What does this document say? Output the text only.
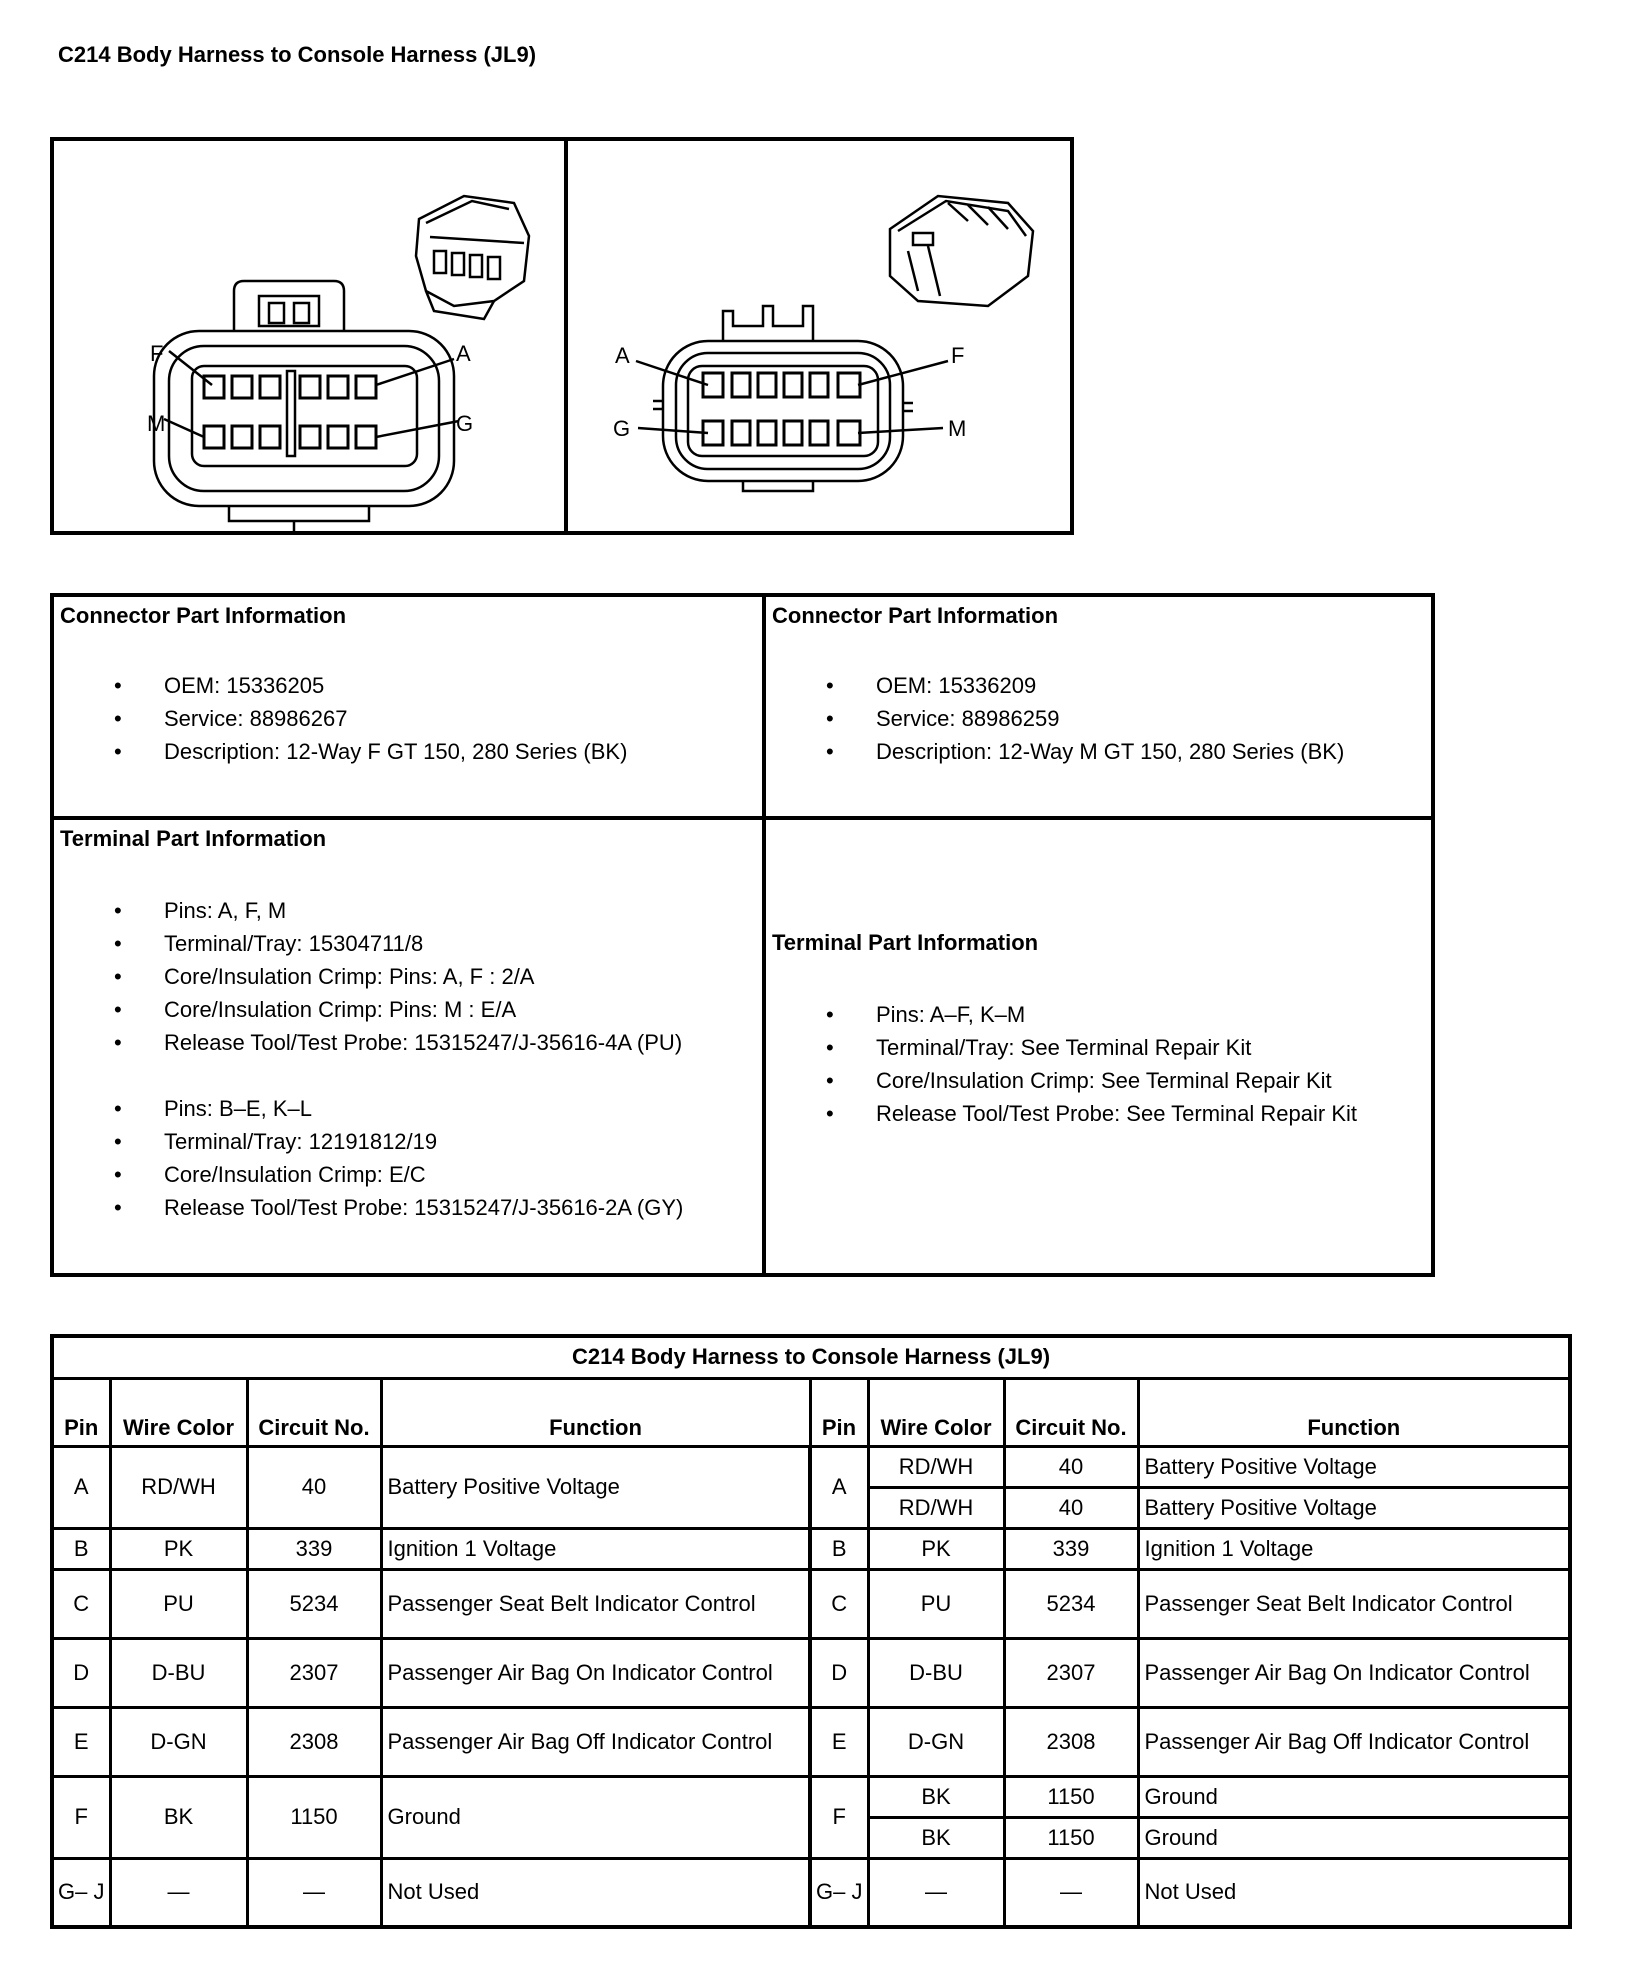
C214 Body Harness to Console Harness (JL9)
F
M
A
G
A
G
F
M
Connector Part Information
• OEM: 15336205
• Service: 88986267
• Description: 12-Way F GT 150, 280 Series (BK)
Connector Part Information
• OEM: 15336209
• Service: 88986259
• Description: 12-Way M GT 150, 280 Series (BK)
Terminal Part Information
• Pins: A, F, M
• Terminal/Tray: 15304711/8
• Core/Insulation Crimp: Pins: A, F : 2/A
• Core/Insulation Crimp: Pins: M : E/A
• Release Tool/Test Probe: 15315247/J-35616-4A (PU)
• Pins: B–E, K–L
• Terminal/Tray: 12191812/19
• Core/Insulation Crimp: E/C
• Release Tool/Test Probe: 15315247/J-35616-2A (GY)
Terminal Part Information
• Pins: A–F, K–M
• Terminal/Tray: See Terminal Repair Kit
• Core/Insulation Crimp: See Terminal Repair Kit
• Release Tool/Test Probe: See Terminal Repair Kit
C214 Body Harness to Console Harness (JL9)							
Pin	Wire Color	Circuit No.	Function	Pin	Wire Color	Circuit No.	Function
A	RD/WH	40	Battery Positive Voltage	A	RD/WH	40	Battery Positive Voltage
					RD/WH	40	Battery Positive Voltage
B	PK	339	Ignition 1 Voltage	B	PK	339	Ignition 1 Voltage
C	PU	5234	Passenger Seat Belt Indicator Control	C	PU	5234	Passenger Seat Belt Indicator Control
D	D-BU	2307	Passenger Air Bag On Indicator Control	D	D-BU	2307	Passenger Air Bag On Indicator Control
E	D-GN	2308	Passenger Air Bag Off Indicator Control	E	D-GN	2308	Passenger Air Bag Off Indicator Control
F	BK	1150	Ground	F	BK	1150	Ground
					BK	1150	Ground
G– J	—	—	Not Used	G– J	—	—	Not Used
